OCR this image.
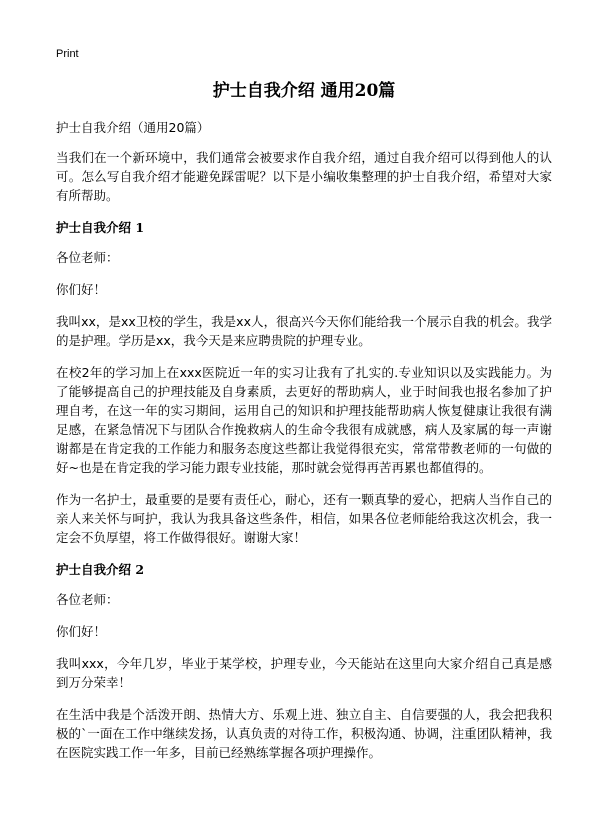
Print
护士自我介绍 通用20篇

护士自我介绍（通用20篇）

当我们在一个新环境中，我们通常会被要求作自我介绍，通过自我介绍可以得到他人的认可。怎么写自我介绍才能避免踩雷呢？以下是小编收集整理的护士自我介绍，希望对大家有所帮助。

护士自我介绍 1

各位老师：

你们好！

我叫xx，是xx卫校的学生，我是xx人，很高兴今天你们能给我一个展示自我的机会。我学的是护理。学历是xx，我今天是来应聘贵院的护理专业。

在校2年的学习加上在xxx医院近一年的实习让我有了扎实的.专业知识以及实践能力。为了能够提高自己的护理技能及自身素质，去更好的帮助病人，业于时间我也报名参加了护理自考，在这一年的实习期间，运用自己的知识和护理技能帮助病人恢复健康让我很有满足感，在紧急情况下与团队合作挽救病人的生命令我很有成就感，病人及家属的每一声谢谢都是在肯定我的工作能力和服务态度这些都让我觉得很充实，常常带教老师的一句做的好~也是在肯定我的学习能力跟专业技能，那时就会觉得再苦再累也都值得的。

作为一名护士，最重要的是要有责任心，耐心，还有一颗真挚的爱心，把病人当作自己的亲人来关怀与呵护，我认为我具备这些条件，相信，如果各位老师能给我这次机会，我一定会不负厚望，将工作做得很好。谢谢大家！

护士自我介绍 2

各位老师：

你们好！

我叫xxx，今年几岁，毕业于某学校，护理专业，今天能站在这里向大家介绍自己真是感到万分荣幸！

在生活中我是个活泼开朗、热情大方、乐观上进、独立自主、自信要强的人，我会把我积极的`一面在工作中继续发扬，认真负责的对待工作，积极沟通、协调，注重团队精神，我在医院实践工作一年多，目前已经熟练掌握各项护理操作。
